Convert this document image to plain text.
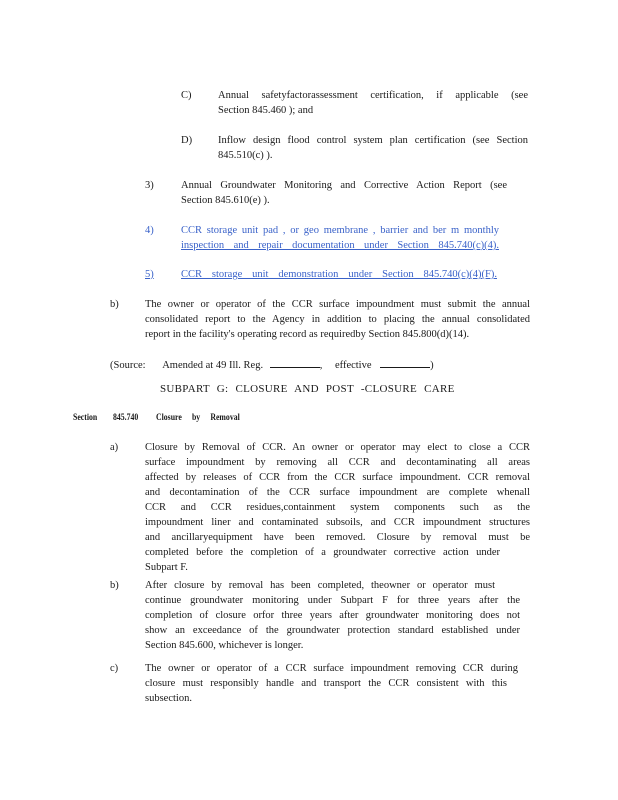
C)	Annual safetyfactorassessment certification, if applicable (see
Section 845.460 ); and
D) Inflow design flood control system plan certification (see Section
845.510(c) ).
3)	Annual Groundwater Monitoring and Corrective Action Report (see
Section 845.610(e) ).
4)	CCR storage unit pad , or geo membrane , barrier and ber m monthly
inspection and repair documentation under Section 845.740(c)(4).
5)	CCR storage unit demonstration under Section 845.740(c)(4)(F).
b)	The owner or operator of the CCR surface impoundment must submit the annual
consolidated report to the Agency in addition to placing the annual consolidated
report in the facility's operating record as requiredby Section 845.800(d)(14).
(Source: Amended at 49 Ill. Reg.	, effective	)
SUBPART G: CLOSURE AND POST -CLOSURE CARE
Section 845.740 Closure by Removal
a)	Closure by Removal of CCR. An owner or operator may elect to close a CCR
surface impoundment by removing all CCR and decontaminating all areas
affected by releases of CCR from the CCR surface impoundment. CCR removal
and decontamination of the CCR surface impoundment are complete whenall
CCR and CCR residues,containment system components such as the
impoundment liner and contaminated subsoils, and CCR impoundment structures
and ancillaryequipment have been removed. Closure by removal must be
completed before the completion of a groundwater corrective action under
Subpart F.
b)	After closure by removal has been completed, theowner or operator must
continue groundwater monitoring under Subpart F for three years after the
completion of closure orfor three years after groundwater monitoring does not
show an exceedance of the groundwater protection standard established under
Section 845.600, whichever is longer.
c)	The owner or operator of a CCR surface impoundment removing CCR during
closure must responsibly handle and transport the CCR consistent with this
subsection.
